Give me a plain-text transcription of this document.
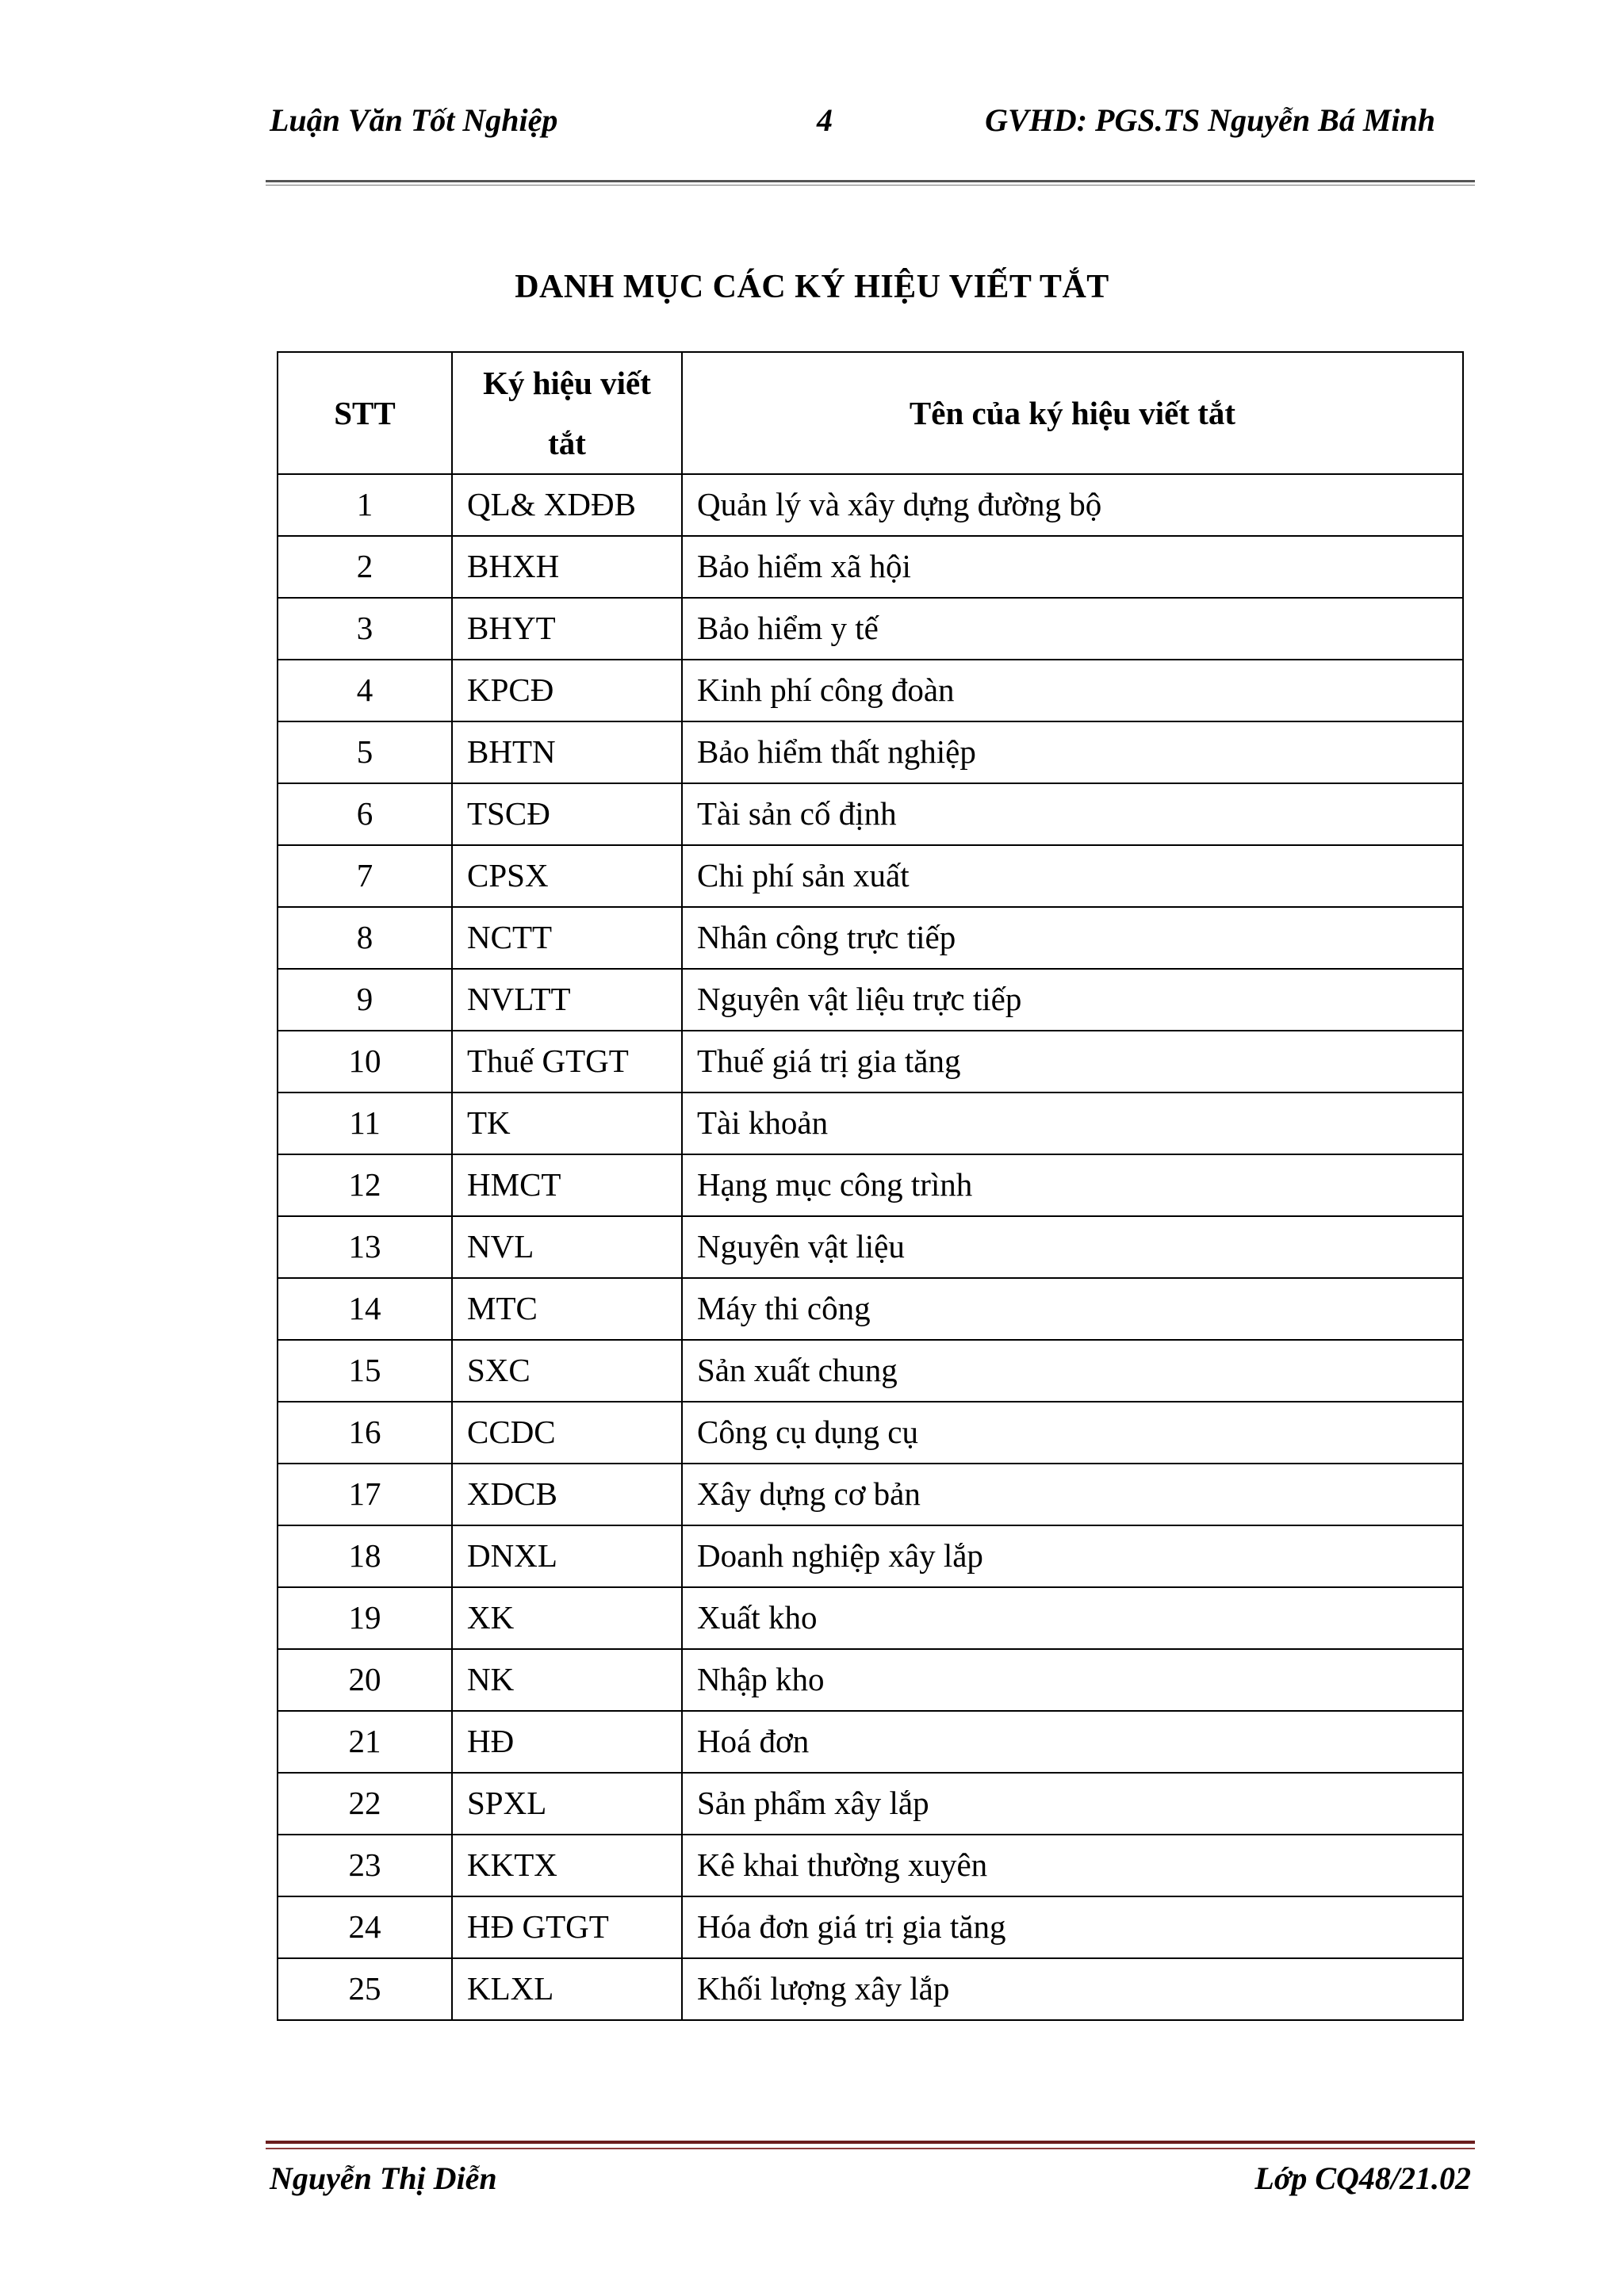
Luận Văn Tốt Nghiệp	4	GVHD: PGS.TS Nguyễn Bá Minh
DANH MỤC CÁC KÝ HIỆU VIẾT TẮT
STT	Ký hiệu viết tắt	Tên của ký hiệu viết tắt
1	QL& XDĐB	Quản lý và xây dựng đường bộ
2	BHXH	Bảo hiểm xã hội
3	BHYT	Bảo hiểm y tế
4	KPCĐ	Kinh phí công đoàn
5	BHTN	Bảo hiểm thất nghiệp
6	TSCĐ	Tài sản cố định
7	CPSX	Chi phí sản xuất
8	NCTT	Nhân công trực tiếp
9	NVLTT	Nguyên vật liệu trực tiếp
10	Thuế GTGT	Thuế giá trị gia tăng
11	TK	Tài khoản
12	HMCT	Hạng mục công trình
13	NVL	Nguyên vật liệu
14	MTC	Máy thi công
15	SXC	Sản xuất chung
16	CCDC	Công cụ dụng cụ
17	XDCB	Xây dựng cơ bản
18	DNXL	Doanh nghiệp xây lắp
19	XK	Xuất kho
20	NK	Nhập kho
21	HĐ	Hoá đơn
22	SPXL	Sản phẩm xây lắp
23	KKTX	Kê khai thường xuyên
24	HĐ GTGT	Hóa đơn giá trị gia tăng
25	KLXL	Khối lượng xây lắp
Nguyễn Thị Diễn	Lớp CQ48/21.02
